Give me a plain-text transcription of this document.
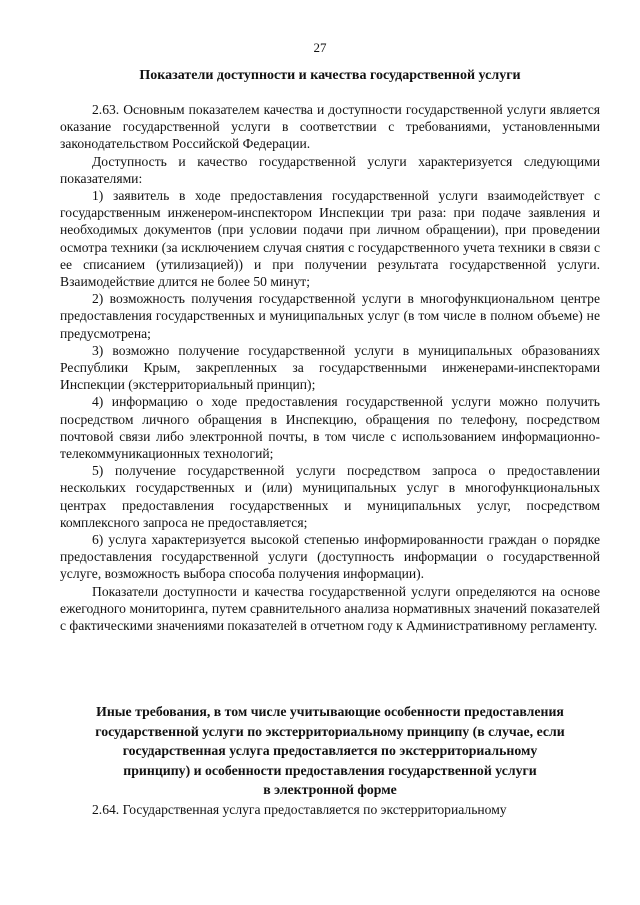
27
Показатели доступности и качества государственной услуги

2.63. Основным показателем качества и доступности государственной услуги является оказание государственной услуги в соответствии с требованиями, установленными законодательством Российской Федерации.

Доступность и качество государственной услуги характеризуется следующими показателями:

1) заявитель в ходе предоставления государственной услуги взаимодействует с государственным инженером-инспектором Инспекции три раза: при подаче заявления и необходимых документов (при условии подачи при личном обращении), при проведении осмотра техники (за исключением случая снятия с государственного учета техники в связи с ее списанием (утилизацией)) и при получении результата государственной услуги. Взаимодействие длится не более 50 минут;

2) возможность получения государственной услуги в многофункциональном центре предоставления государственных и муниципальных услуг (в том числе в полном объеме) не предусмотрена;

3) возможно получение государственной услуги в муниципальных образованиях Республики Крым, закрепленных за государственными инженерами-инспекторами Инспекции (экстерриториальный принцип);

4) информацию о ходе предоставления государственной услуги можно получить посредством личного обращения в Инспекцию, обращения по телефону, посредством почтовой связи либо электронной почты, в том числе с использованием информационно-телекоммуникационных технологий;

5) получение государственной услуги посредством запроса о предоставлении нескольких государственных и (или) муниципальных услуг в многофункциональных центрах предоставления государственных и муниципальных услуг, посредством комплексного запроса не предоставляется;

6) услуга характеризуется высокой степенью информированности граждан о порядке предоставления государственной услуги (доступность информации о государственной услуге, возможность выбора способа получения информации).

Показатели доступности и качества государственной услуги определяются на основе ежегодного мониторинга, путем сравнительного анализа нормативных значений показателей с фактическими значениями показателей в отчетном году к Административному регламенту.

Иные требования, в том числе учитывающие особенности предоставления
государственной услуги по экстерриториальному принципу (в случае, если
государственная услуга предоставляется по экстерриториальному
принципу) и особенности предоставления государственной услуги
в электронной форме

2.64. Государственная услуга предоставляется по экстерриториальному
